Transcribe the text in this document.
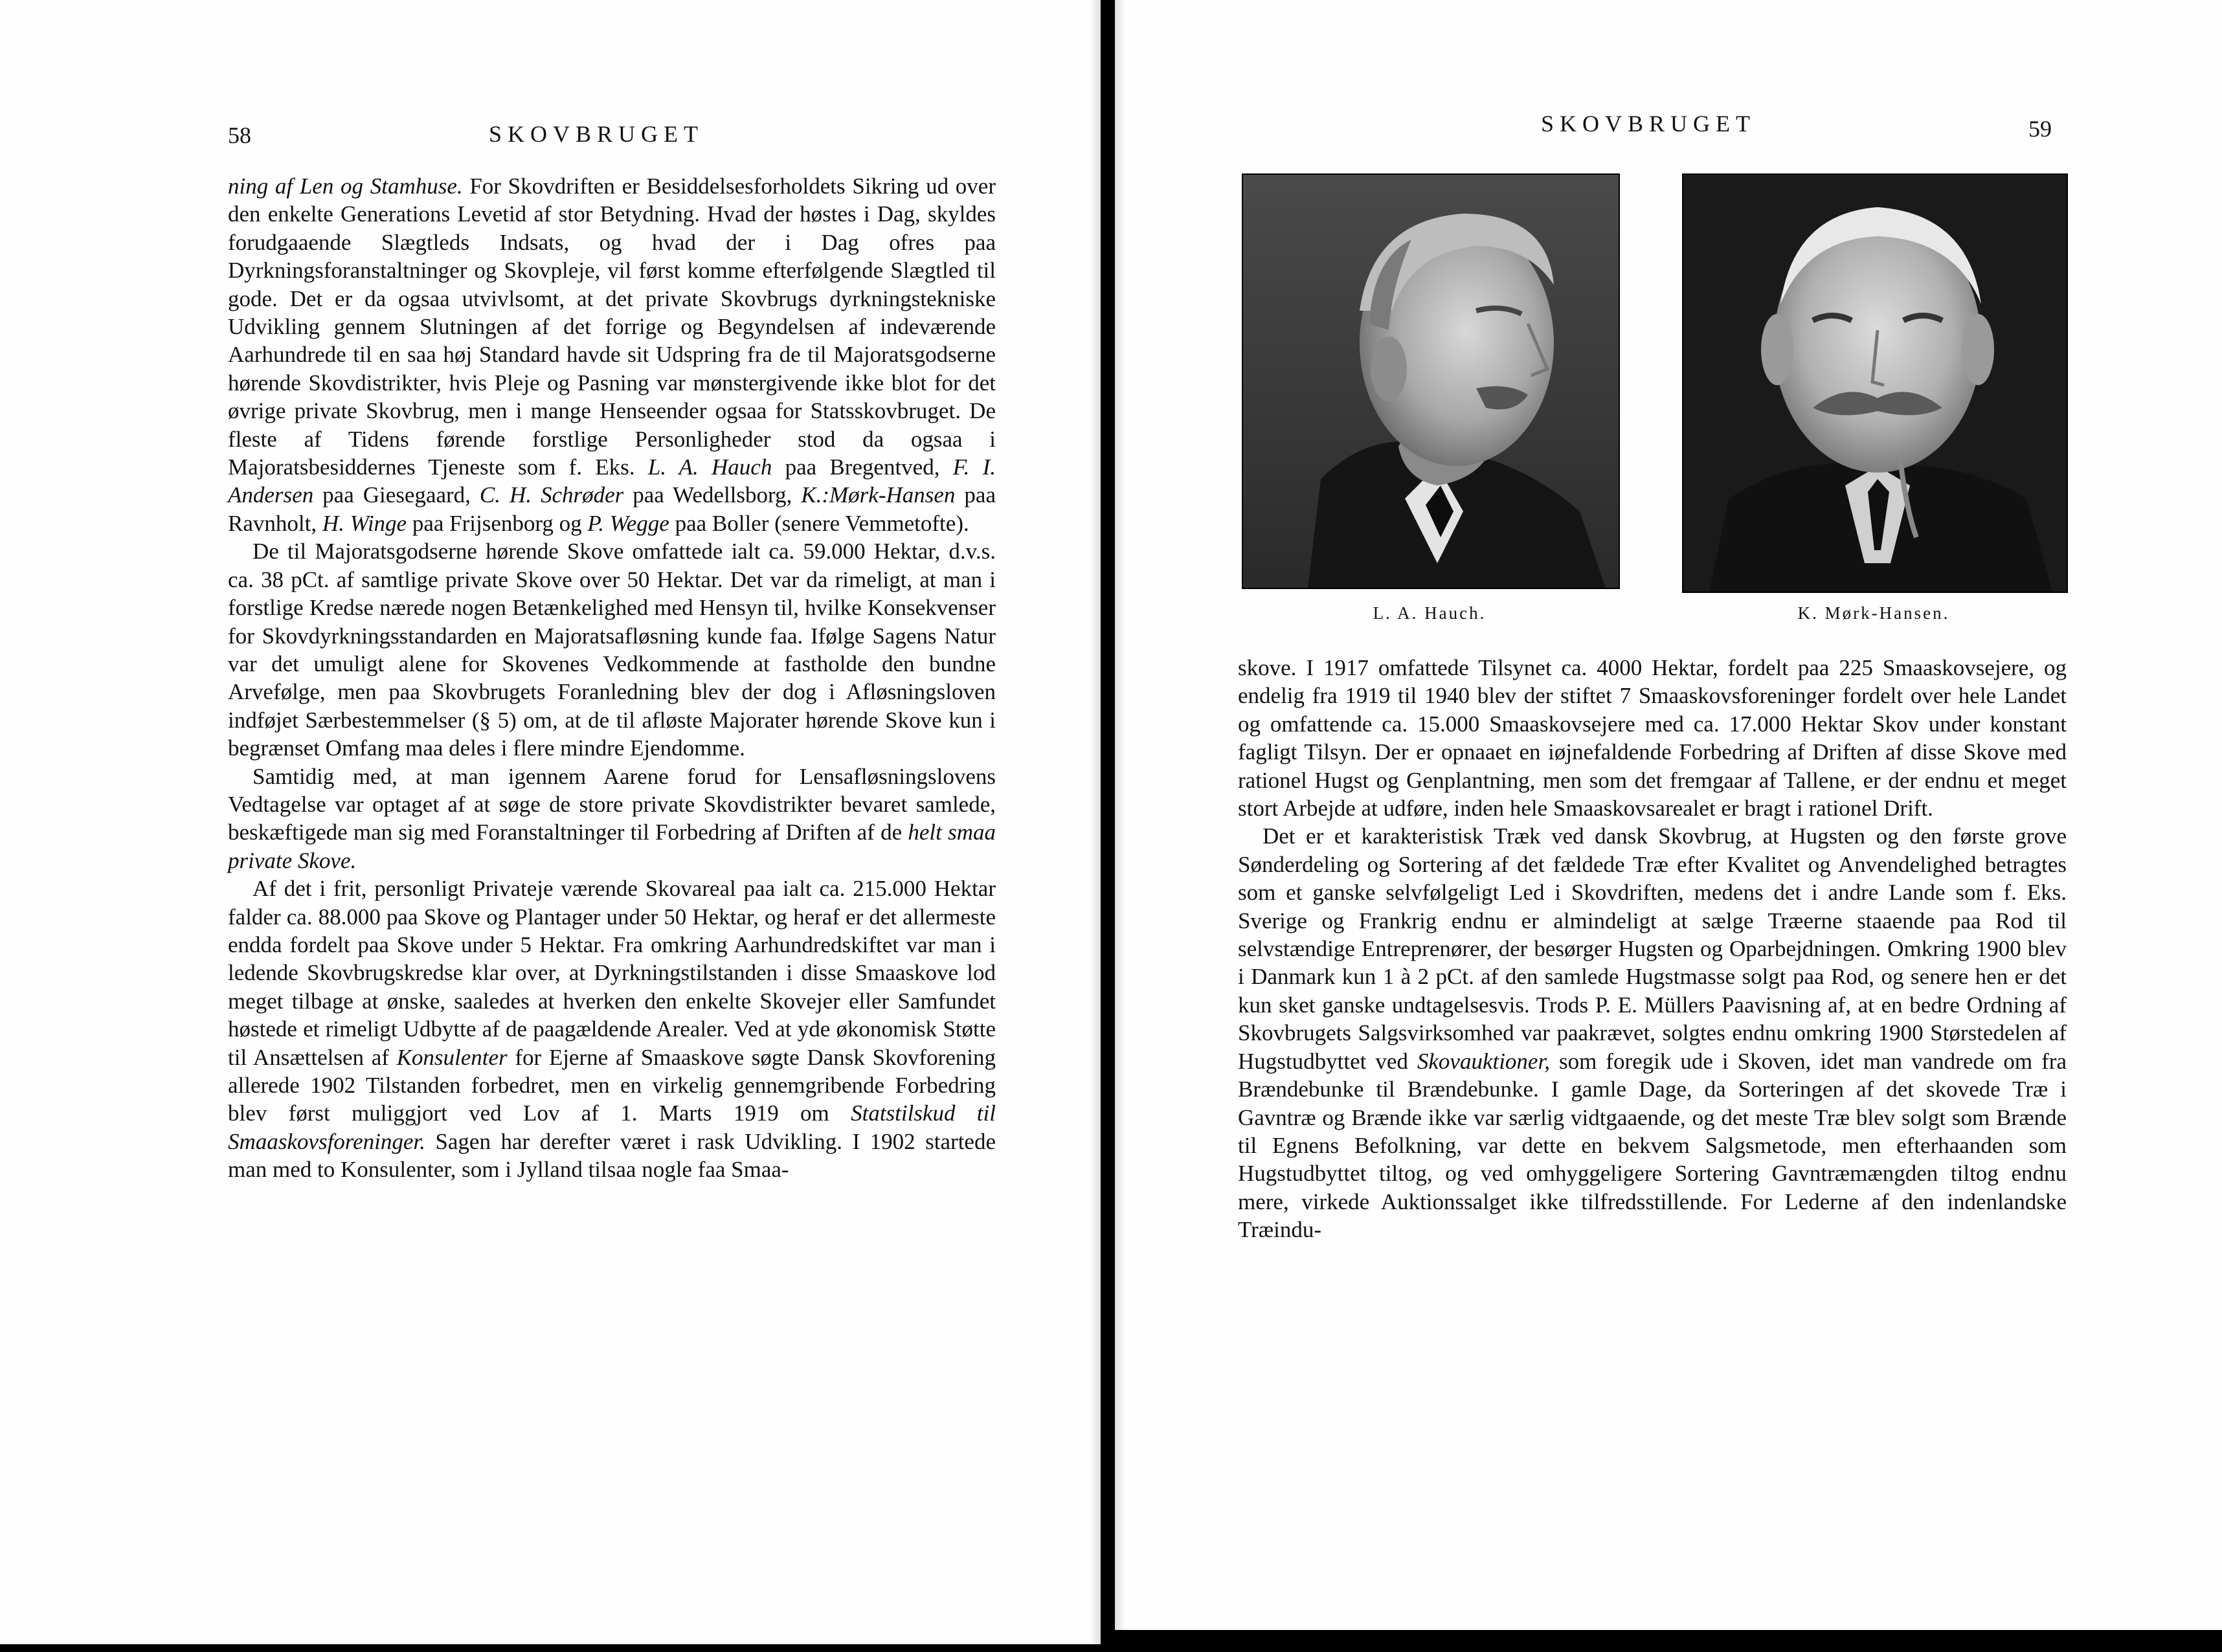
58	SKOVBRUGET

ning af Len og Stamhuse. For Skovdriften er Besiddelsesforholdets Sikring ud over den enkelte Generations Levetid af stor Betydning. Hvad der høstes i Dag, skyldes forudgaaende Slægtleds Indsats, og hvad der i Dag ofres paa Dyrkningsforanstaltninger og Skovpleje, vil først komme efterfølgende Slægtled til gode. Det er da ogsaa utvivlsomt, at det private Skovbrugs dyrkningstekniske Udvikling gennem Slutningen af det forrige og Begyndelsen af indeværende Aarhundrede til en saa høj Standard havde sit Udspring fra de til Majoratsgodserne hørende Skovdistrikter, hvis Pleje og Pasning var mønstergivende ikke blot for det øvrige private Skovbrug, men i mange Henseender ogsaa for Statsskovbruget. De fleste af Tidens førende forstlige Personligheder stod da ogsaa i Majoratsbesiddernes Tjeneste som f. Eks. L. A. Hauch paa Bregentved, F. I. Andersen paa Giesegaard, C. H. Schrøder paa Wedellsborg, K.:Mørk-Hansen paa Ravnholt, H. Winge paa Frijsenborg og P. Wegge paa Boller (senere Vemmetofte).

De til Majoratsgodserne hørende Skove omfattede ialt ca. 59.000 Hektar, d.v.s. ca. 38 pCt. af samtlige private Skove over 50 Hektar. Det var da rimeligt, at man i forstlige Kredse nærede nogen Betænkelighed med Hensyn til, hvilke Konsekvenser for Skovdyrkningsstandarden en Majoratsafløsning kunde faa. Ifølge Sagens Natur var det umuligt alene for Skovenes Vedkommende at fastholde den bundne Arvefølge, men paa Skovbrugets Foranledning blev der dog i Afløsningsloven indføjet Særbestemmelser (§ 5) om, at de til afløste Majorater hørende Skove kun i begrænset Omfang maa deles i flere mindre Ejendomme.

Samtidig med, at man igennem Aarene forud for Lensafløsningslovens Vedtagelse var optaget af at søge de store private Skovdistrikter bevaret samlede, beskæftigede man sig med Foranstaltninger til Forbedring af Driften af de helt smaa private Skove.

Af det i frit, personligt Privateje værende Skovareal paa ialt ca. 215.000 Hektar falder ca. 88.000 paa Skove og Plantager under 50 Hektar, og heraf er det allermeste endda fordelt paa Skove under 5 Hektar. Fra omkring Aarhundredskiftet var man i ledende Skovbrugskredse klar over, at Dyrkningstilstanden i disse Smaaskove lod meget tilbage at ønske, saaledes at hverken den enkelte Skovejer eller Samfundet høstede et rimeligt Udbytte af de paagældende Arealer. Ved at yde økonomisk Støtte til Ansættelsen af Konsulenter for Ejerne af Smaaskove søgte Dansk Skovforening allerede 1902 Tilstanden forbedret, men en virkelig gennemgribende Forbedring blev først muliggjort ved Lov af 1. Marts 1919 om Statstilskud til Smaaskovsforeninger. Sagen har derefter været i rask Udvikling. I 1902 startede man med to Konsulenter, som i Jylland tilsaa nogle faa Smaa-

SKOVBRUGET	59
L. A. Hauch.	K. Mørk-Hansen.

skove. I 1917 omfattede Tilsynet ca. 4000 Hektar, fordelt paa 225 Smaaskovsejere, og endelig fra 1919 til 1940 blev der stiftet 7 Smaaskovsforeninger fordelt over hele Landet og omfattende ca. 15.000 Smaaskovsejere med ca. 17.000 Hektar Skov under konstant fagligt Tilsyn. Der er opnaaet en iøjnefaldende Forbedring af Driften af disse Skove med rationel Hugst og Genplantning, men som det fremgaar af Tallene, er der endnu et meget stort Arbejde at udføre, inden hele Smaaskovsarealet er bragt i rationel Drift.

Det er et karakteristisk Træk ved dansk Skovbrug, at Hugsten og den første grove Sønderdeling og Sortering af det fældede Træ efter Kvalitet og Anvendelighed betragtes som et ganske selvfølgeligt Led i Skovdriften, medens det i andre Lande som f. Eks. Sverige og Frankrig endnu er almindeligt at sælge Træerne staaende paa Rod til selvstændige Entreprenører, der besørger Hugsten og Oparbejdningen. Omkring 1900 blev i Danmark kun 1 à 2 pCt. af den samlede Hugstmasse solgt paa Rod, og senere hen er det kun sket ganske undtagelsesvis. Trods P. E. Müllers Paavisning af, at en bedre Ordning af Skovbrugets Salgsvirksomhed var paakrævet, solgtes endnu omkring 1900 Størstedelen af Hugstudbyttet ved Skovauktioner, som foregik ude i Skoven, idet man vandrede om fra Brændebunke til Brændebunke. I gamle Dage, da Sorteringen af det skovede Træ i Gavntræ og Brænde ikke var særlig vidtgaaende, og det meste Træ blev solgt som Brænde til Egnens Befolkning, var dette en bekvem Salgsmetode, men efterhaanden som Hugstudbyttet tiltog, og ved omhyggeligere Sortering Gavntræmængden tiltog endnu mere, virkede Auktionssalget ikke tilfredsstillende. For Lederne af den indenlandske Træindu-
